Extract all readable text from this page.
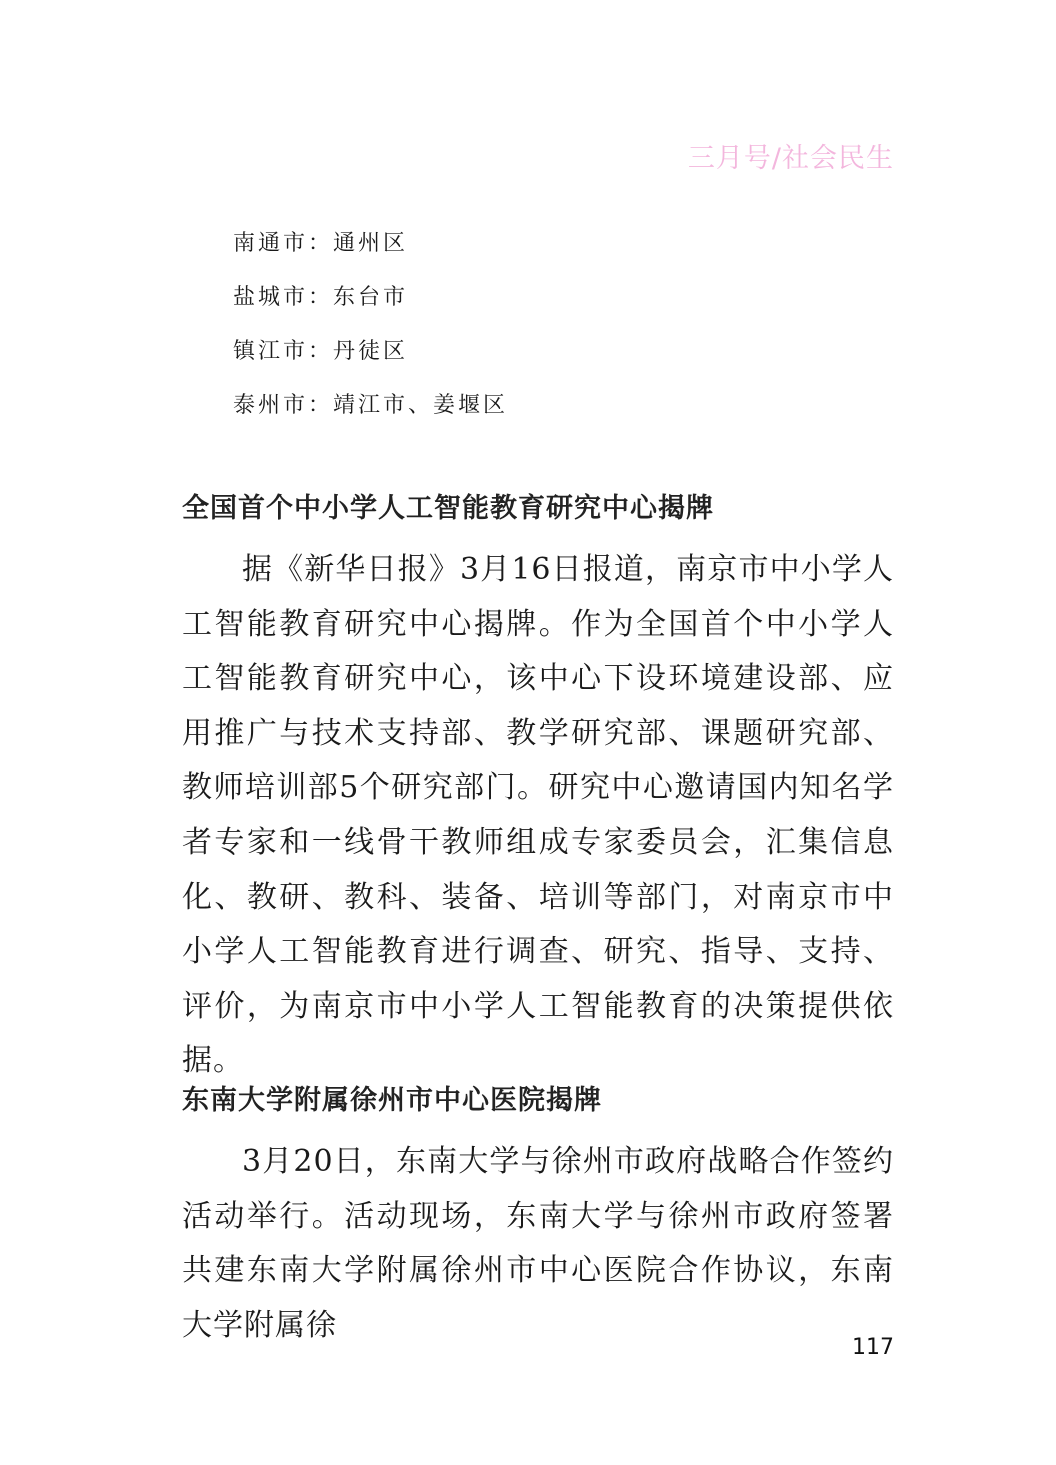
三月号/社会民生
南通市：通州区
盐城市：东台市
镇江市：丹徒区
泰州市：靖江市、姜堰区
全国首个中小学人工智能教育研究中心揭牌

据《新华日报》3月16日报道，南京市中小学人工智能教育研究中心揭牌。作为全国首个中小学人工智能教育研究中心，该中心下设环境建设部、应用推广与技术支持部、教学研究部、课题研究部、教师培训部5个研究部门。研究中心邀请国内知名学者专家和一线骨干教师组成专家委员会，汇集信息化、教研、教科、装备、培训等部门，对南京市中小学人工智能教育进行调查、研究、指导、支持、评价，为南京市中小学人工智能教育的决策提供依据。

东南大学附属徐州市中心医院揭牌

3月20日，东南大学与徐州市政府战略合作签约活动举行。活动现场，东南大学与徐州市政府签署共建东南大学附属徐州市中心医院合作协议，东南大学附属徐

117
